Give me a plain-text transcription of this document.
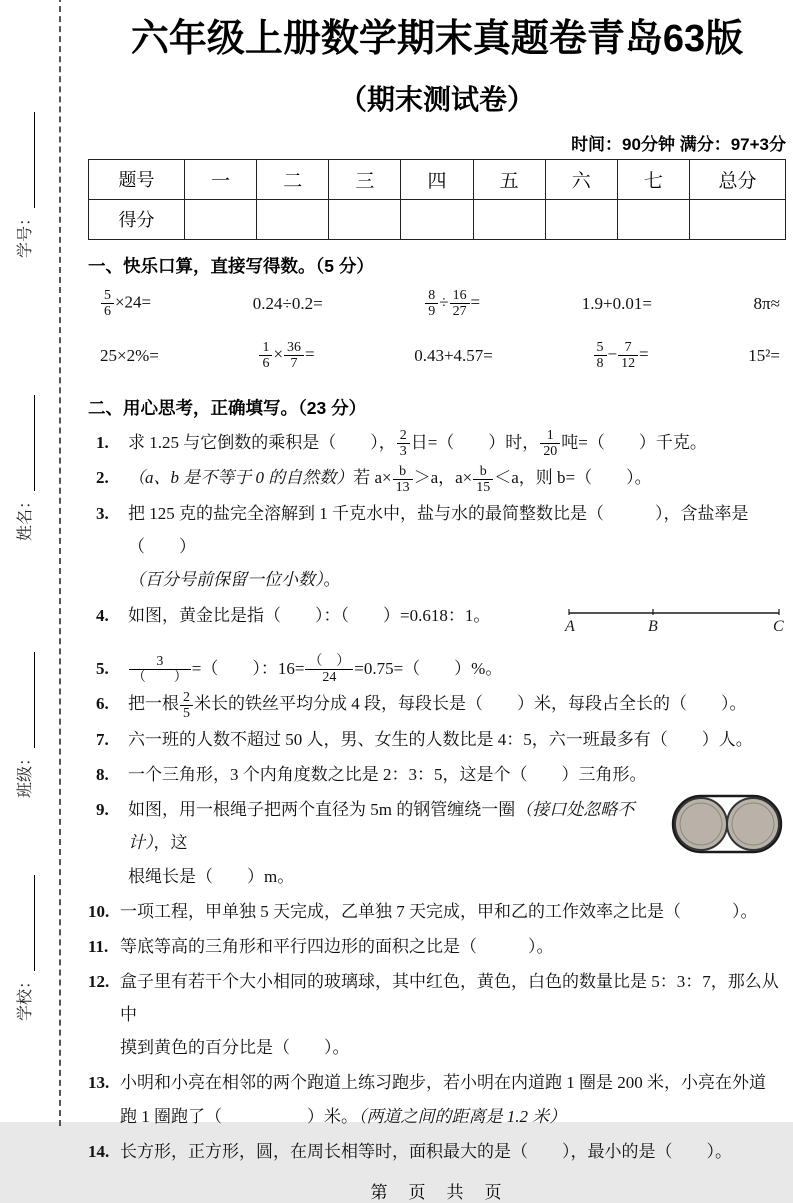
学号：
姓名：
班级：
学校：
六年级上册数学期末真题卷青岛63版
（期末测试卷）
时间：90分钟 满分：97+3分
题号	一	二	三	四	五	六	七	总分
得分								
一、快乐口算，直接写得数。（5 分）
$\frac{5}{6} \times 24=$	0.24÷0.2=	$\frac{8}{9} \div \frac{16}{27}$ =	1.9+0.01=	8π≈
25×2%=	$\frac{1}{6} \times \frac{36}{7}$ =	0.43+4.57=	$\frac{5}{8} - \frac{7}{12}$ =	15²=
二、用心思考，正确填写。（23 分）
1.	求 1.25 与它倒数的乘积是（　　）， $\frac{2}{3}$ 日=（　　）时， $\frac{1}{20}$ 吨=（　　）千克。
2.	（a、b 是不等于 0 的自然数）若 $a\times \frac{b}{13} >a$，$a\times \frac{b}{15} <a$，则 b=（　　）。
3.	把 125 克的盐完全溶解到 1 千克水中，盐与水的最简整数比是（　　　），含盐率是（　　）
（百分号前保留一位小数）。
4.
A	B	C
如图，黄金比是指（　　）：（　　）=0.618：1。
5.	$\frac{3}{( )}$ =（　　）：$16= \frac{( )}{24} =0.75=$（　　）%。
6.	把一根 $\frac{2}{5}$ 米长的铁丝平均分成 4 段，每段长是（　　）米，每段占全长的（　　）。
7.	六一班的人数不超过 50 人，男、女生的人数比是 4：5，六一班最多有（　　）人。
8.	一个三角形，3 个内角度数之比是 2：3：5，这是个（　　）三角形。
9.	如图，用一根绳子把两个直径为 5m 的钢管缠绕一圈（接口处忽略不计），这
根绳长是（　　）m。
10. 一项工程，甲单独 5 天完成，乙单独 7 天完成，甲和乙的工作效率之比是（　　　）。
11. 等底等高的三角形和平行四边形的面积之比是（　　　）。
12. 盒子里有若干个大小相同的玻璃球，其中红色，黄色，白色的数量比是 5：3：7，那么从中
摸到黄色的百分比是（　　）。
13. 小明和小亮在相邻的两个跑道上练习跑步，若小明在内道跑 1 圈是 200 米，小亮在外道
跑 1 圈跑了（　　　　　）米。（两道之间的距离是 1.2 米）
14. 长方形，正方形，圆，在周长相等时，面积最大的是（　　），最小的是（　　）。
第　页　共　页
